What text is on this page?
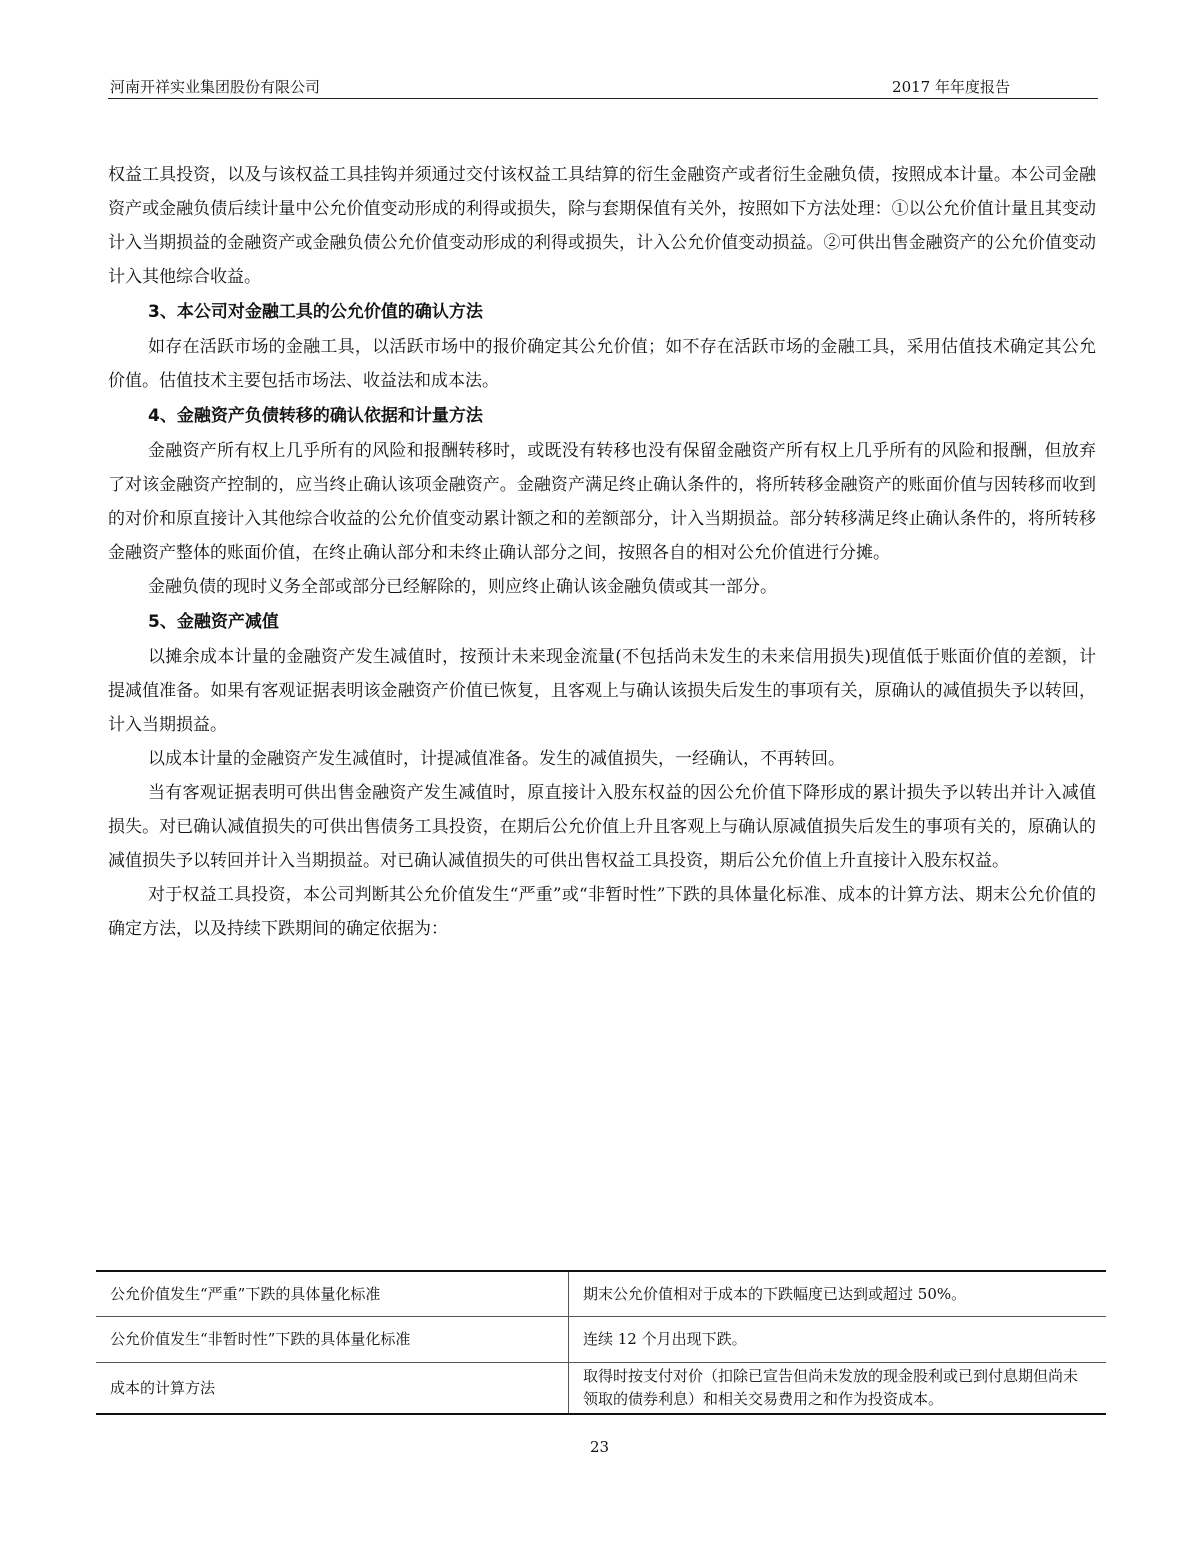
河南开祥实业集团股份有限公司	2017 年年度报告

权益工具投资，以及与该权益工具挂钩并须通过交付该权益工具结算的衍生金融资产或者衍生金融负债，按照成本计量。本公司金融资产或金融负债后续计量中公允价值变动形成的利得或损失，除与套期保值有关外，按照如下方法处理：①以公允价值计量且其变动计入当期损益的金融资产或金融负债公允价值变动形成的利得或损失，计入公允价值变动损益。②可供出售金融资产的公允价值变动计入其他综合收益。

3、本公司对金融工具的公允价值的确认方法

如存在活跃市场的金融工具，以活跃市场中的报价确定其公允价值；如不存在活跃市场的金融工具，采用估值技术确定其公允价值。估值技术主要包括市场法、收益法和成本法。

4、金融资产负债转移的确认依据和计量方法

金融资产所有权上几乎所有的风险和报酬转移时，或既没有转移也没有保留金融资产所有权上几乎所有的风险和报酬，但放弃了对该金融资产控制的，应当终止确认该项金融资产。金融资产满足终止确认条件的，将所转移金融资产的账面价值与因转移而收到的对价和原直接计入其他综合收益的公允价值变动累计额之和的差额部分，计入当期损益。部分转移满足终止确认条件的，将所转移金融资产整体的账面价值，在终止确认部分和未终止确认部分之间，按照各自的相对公允价值进行分摊。

金融负债的现时义务全部或部分已经解除的，则应终止确认该金融负债或其一部分。

5、金融资产减值

以摊余成本计量的金融资产发生减值时，按预计未来现金流量(不包括尚未发生的未来信用损失)现值低于账面价值的差额，计提减值准备。如果有客观证据表明该金融资产价值已恢复，且客观上与确认该损失后发生的事项有关，原确认的减值损失予以转回，计入当期损益。

以成本计量的金融资产发生减值时，计提减值准备。发生的减值损失，一经确认，不再转回。

当有客观证据表明可供出售金融资产发生减值时，原直接计入股东权益的因公允价值下降形成的累计损失予以转出并计入减值损失。对已确认减值损失的可供出售债务工具投资，在期后公允价值上升且客观上与确认原减值损失后发生的事项有关的，原确认的减值损失予以转回并计入当期损益。对已确认减值损失的可供出售权益工具投资，期后公允价值上升直接计入股东权益。

对于权益工具投资，本公司判断其公允价值发生“严重”或“非暂时性”下跌的具体量化标准、成本的计算方法、期末公允价值的确定方法，以及持续下跌期间的确定依据为：

公允价值发生“严重”下跌的具体量化标准	期末公允价值相对于成本的下跌幅度已达到或超过 50%。
公允价值发生“非暂时性”下跌的具体量化标准	连续 12 个月出现下跌。
成本的计算方法	取得时按支付对价（扣除已宣告但尚未发放的现金股利或已到付息期但尚未领取的债券利息）和相关交易费用之和作为投资成本。
23
